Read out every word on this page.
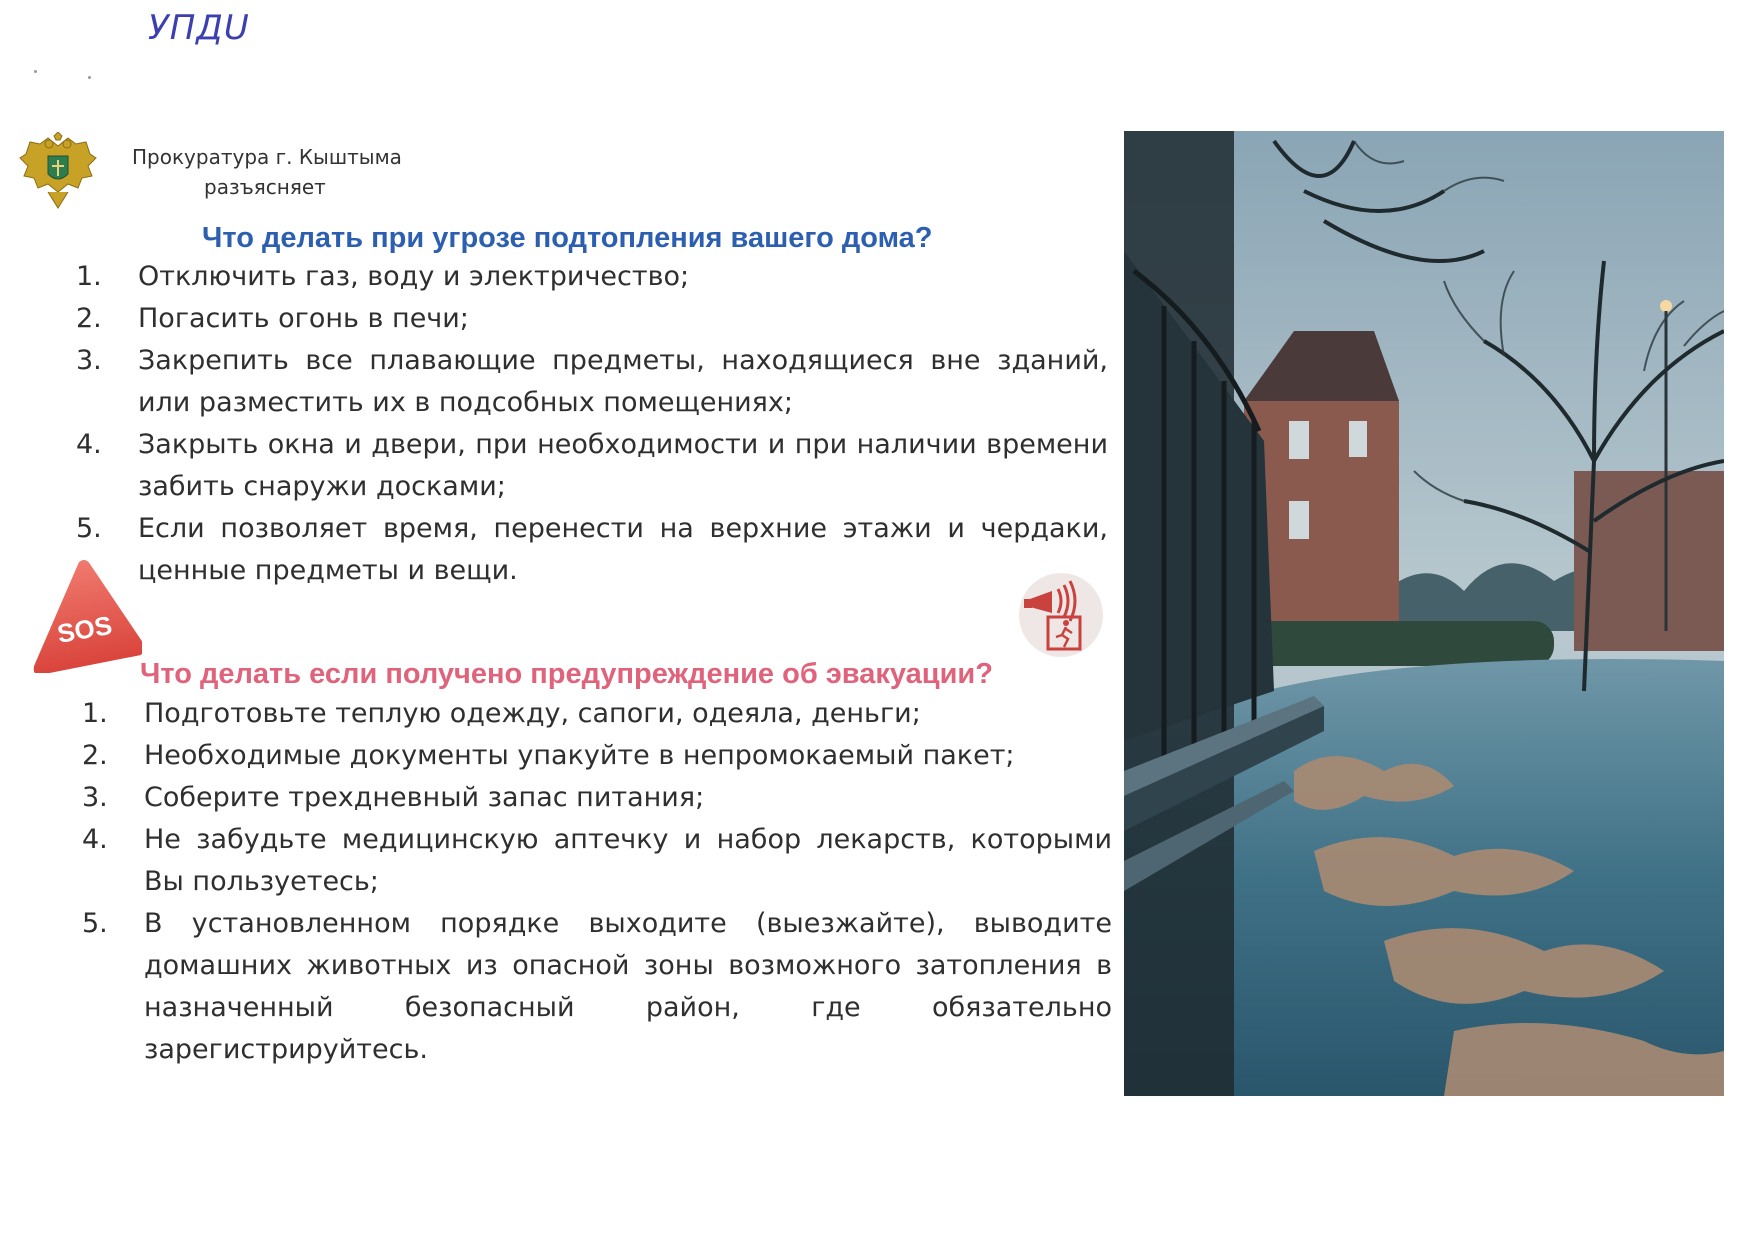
УПДU
Прокуратура г. Кыштыма
разъясняет
Что делать при угрозе подтопления вашего дома?
1. Отключить газ, воду и электричество;
2. Погасить огонь в печи;
3. Закрепить все плавающие предметы, находящиеся вне зданий, или разместить их в подсобных помещениях;
4. Закрыть окна и двери, при необходимости и при наличии времени забить снаружи досками;
5. Если позволяет время, перенести на верхние этажи и чердаки, ценные предметы и вещи.
SOS
Что делать если получено предупреждение об эвакуации?
1. Подготовьте теплую одежду, сапоги, одеяла, деньги;
2. Необходимые документы упакуйте в непромокаемый пакет;
3. Соберите трехдневный запас питания;
4. Не забудьте медицинскую аптечку и набор лекарств, которыми Вы пользуетесь;
5. В установленном порядке выходите (выезжайте), выводите домашних животных из опасной зоны возможного затопления в назначенный безопасный район, где обязательно зарегистрируйтесь.
